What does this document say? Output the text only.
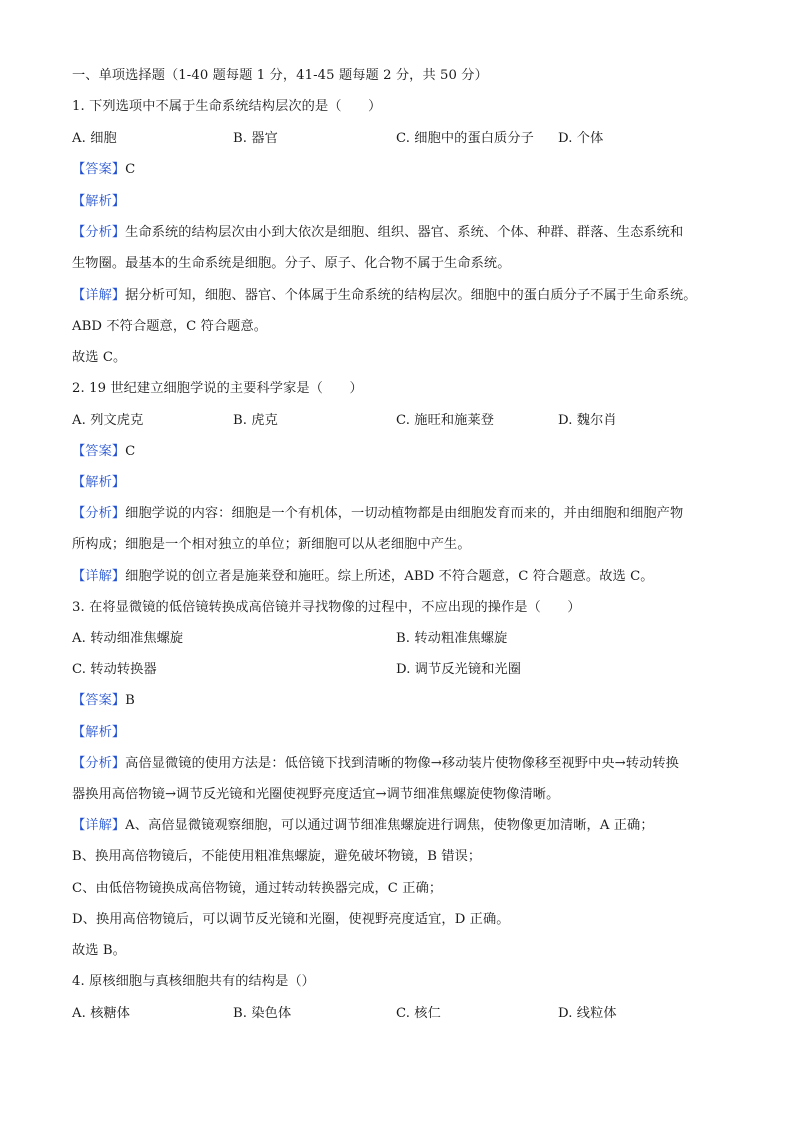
一、单项选择题（1-40 题每题 1 分，41-45 题每题 2 分，共 50 分）
1. 下列选项中不属于生命系统结构层次的是（　　）
A. 细胞	B. 器官	C. 细胞中的蛋白质分子 D. 个体
【答案】C
【解析】
【分析】生命系统的结构层次由小到大依次是细胞、组织、器官、系统、个体、种群、群落、生态系统和
生物圈。最基本的生命系统是细胞。分子、原子、化合物不属于生命系统。
【详解】据分析可知，细胞、器官、个体属于生命系统的结构层次。细胞中的蛋白质分子不属于生命系统。
ABD 不符合题意，C 符合题意。
故选 C。
2. 19 世纪建立细胞学说的主要科学家是（　　）
A. 列文虎克	B. 虎克	C. 施旺和施莱登	D. 魏尔肖
【答案】C
【解析】
【分析】细胞学说的内容：细胞是一个有机体，一切动植物都是由细胞发育而来的，并由细胞和细胞产物
所构成；细胞是一个相对独立的单位；新细胞可以从老细胞中产生。
【详解】细胞学说的创立者是施莱登和施旺。综上所述，ABD 不符合题意，C 符合题意。故选 C。
3. 在将显微镜的低倍镜转换成高倍镜并寻找物像的过程中，不应出现的操作是（　　）
A. 转动细准焦螺旋	B. 转动粗准焦螺旋
C. 转动转换器	D. 调节反光镜和光圈
【答案】B
【解析】
【分析】高倍显微镜的使用方法是：低倍镜下找到清晰的物像→移动装片使物像移至视野中央→转动转换
器换用高倍物镜→调节反光镜和光圈使视野亮度适宜→调节细准焦螺旋使物像清晰。
【详解】A、高倍显微镜观察细胞，可以通过调节细准焦螺旋进行调焦，使物像更加清晰，A 正确；
B、换用高倍物镜后，不能使用粗准焦螺旋，避免破坏物镜，B 错误；
C、由低倍物镜换成高倍物镜，通过转动转换器完成，C 正确；
D、换用高倍物镜后，可以调节反光镜和光圈，使视野亮度适宜，D 正确。
故选 B。
4. 原核细胞与真核细胞共有的结构是（）
A. 核糖体	B. 染色体	C. 核仁	D. 线粒体
